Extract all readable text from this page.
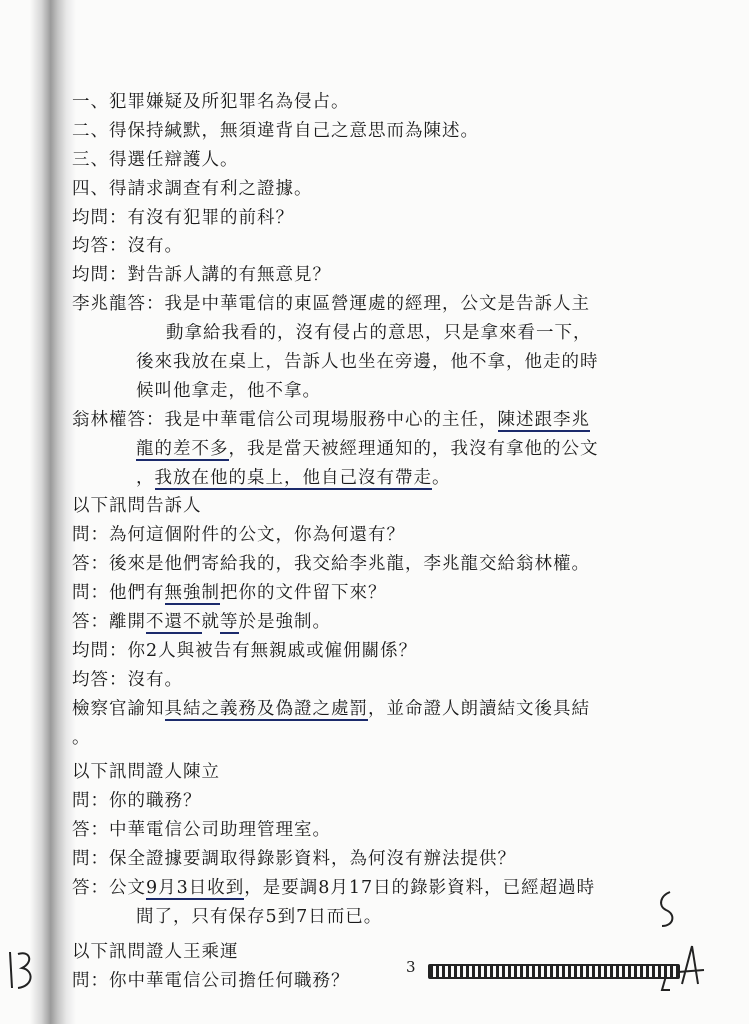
一、犯罪嫌疑及所犯罪名為侵占。
二、得保持緘默，無須違背自己之意思而為陳述。
三、得選任辯護人。
四、得請求調查有利之證據。
均問：有沒有犯罪的前科？
均答：沒有。
均問：對告訴人講的有無意見？
李兆龍答：我是中華電信的東區營運處的經理，公文是告訴人主
動拿給我看的，沒有侵占的意思，只是拿來看一下，
後來我放在桌上，告訴人也坐在旁邊，他不拿，他走的時
候叫他拿走，他不拿。
翁林權答：我是中華電信公司現場服務中心的主任，陳述跟李兆
龍的差不多，我是當天被經理通知的，我沒有拿他的公文
，我放在他的桌上，他自己沒有帶走。
以下訊問告訴人
問：為何這個附件的公文，你為何還有？
答：後來是他們寄給我的，我交給李兆龍，李兆龍交給翁林權。
問：他們有無強制把你的文件留下來？
答：離開不還不就等於是強制。
均問：你2人與被告有無親戚或僱佣關係？
均答：沒有。
檢察官諭知具結之義務及偽證之處罰，並命證人朗讀結文後具結
。
以下訊問證人陳立
問：你的職務？
答：中華電信公司助理管理室。
問：保全證據要調取得錄影資料，為何沒有辦法提供？
答：公文9月3日收到，是要調8月17日的錄影資料，已經超過時
間了，只有保存5到7日而已。
以下訊問證人王乘運
問：你中華電信公司擔任何職務？
3
